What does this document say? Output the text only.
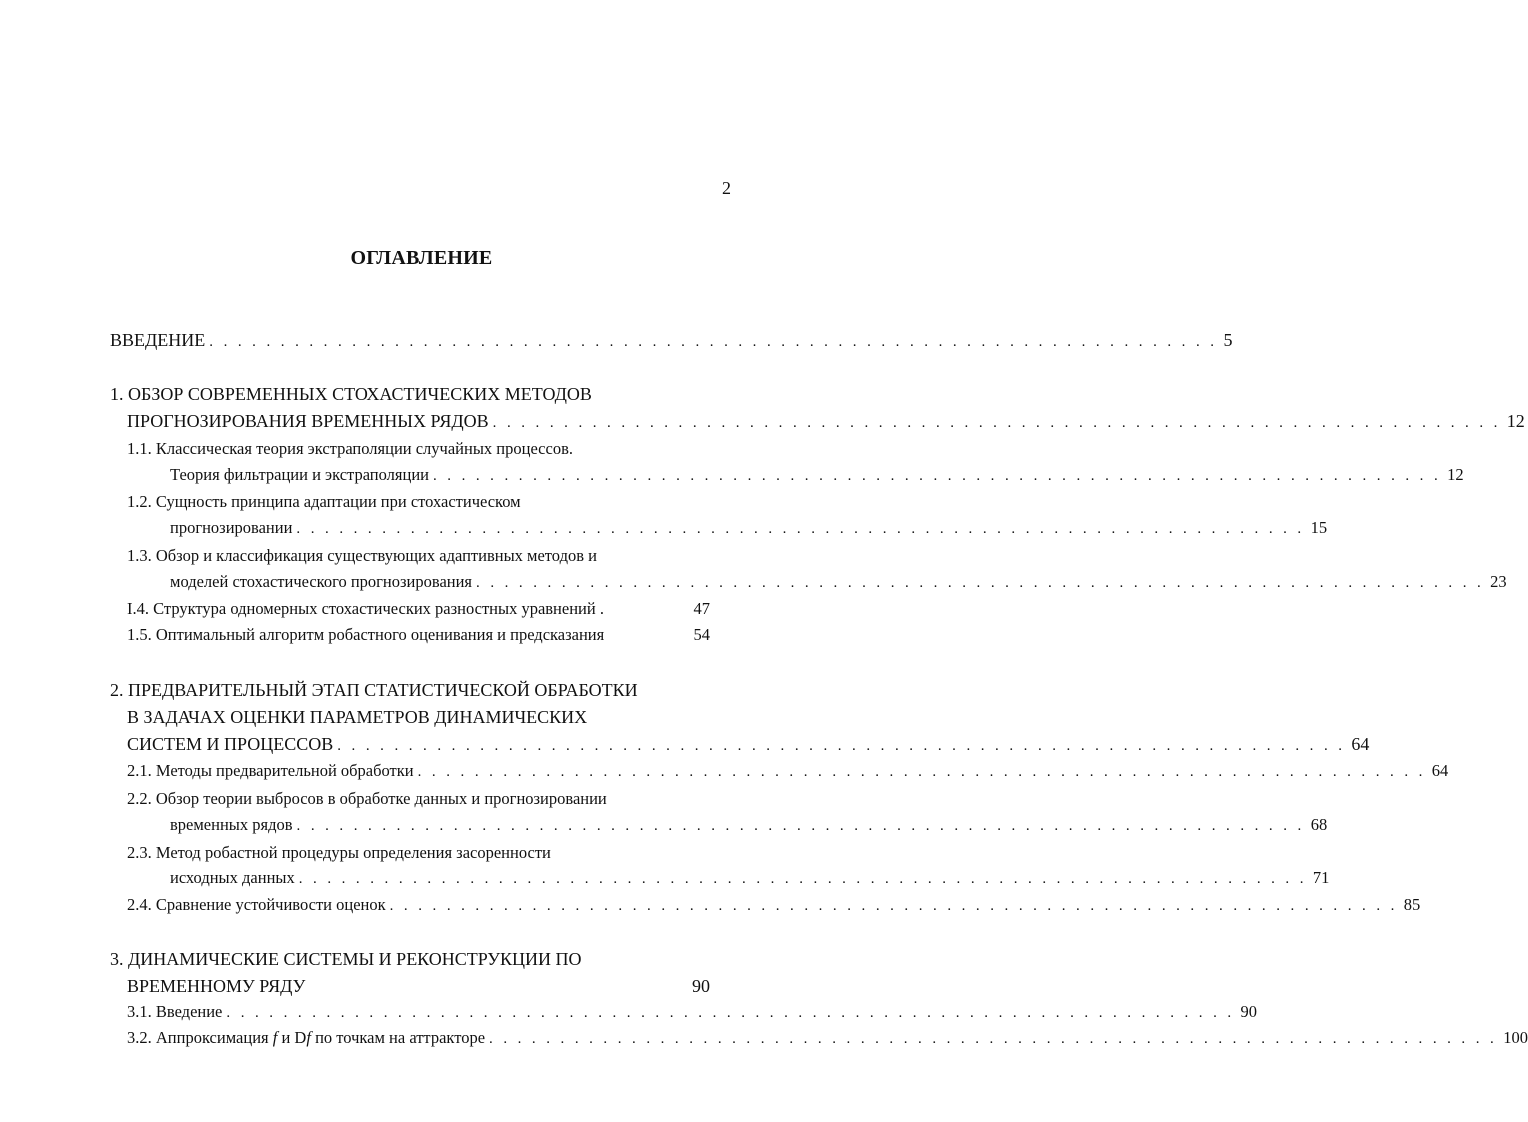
2
ОГЛАВЛЕНИЕ
ВВЕДЕНИЕ . . . . . . . . . . . . . . . . . . . . . . . . . . . . . . . . . . . . . . . . . . . . . . . . . . . . . . . . . . . . . . . . . . . . . . . 5
1. ОБЗОР СОВРЕМЕННЫХ СТОХАСТИЧЕСКИХ МЕТОДОВ
ПРОГНОЗИРОВАНИЯ ВРЕМЕННЫХ РЯДОВ . . . . . . . . . . . . . . . . . . . . . . . . . . . . . . . . . . . . . . . . . . . . . . . . . . . . . . . . . . . . . . . . . . . . . . . 12
1.1. Классическая теория экстраполяции случайных процессов.
Теория фильтрации и экстраполяции . . . . . . . . . . . . . . . . . . . . . . . . . . . . . . . . . . . . . . . . . . . . . . . . . . . . . . . . . . . . . . . . . . . . . . . 12
1.2. Сущность принципа адаптации при стохастическом
прогнозировании . . . . . . . . . . . . . . . . . . . . . . . . . . . . . . . . . . . . . . . . . . . . . . . . . . . . . . . . . . . . . . . . . . . . . . . 15
1.3. Обзор и классификация существующих адаптивных методов и
моделей стохастического прогнозирования . . . . . . . . . . . . . . . . . . . . . . . . . . . . . . . . . . . . . . . . . . . . . . . . . . . . . . . . . . . . . . . . . . . . . . . 23
I.4. Структура одномерных стохастических разностных уравнений .	47
1.5. Оптимальный алгоритм робастного оценивания и предсказания	54
2. ПРЕДВАРИТЕЛЬНЫЙ ЭТАП СТАТИСТИЧЕСКОЙ ОБРАБОТКИ
В ЗАДАЧАХ ОЦЕНКИ ПАРАМЕТРОВ ДИНАМИЧЕСКИХ
СИСТЕМ И ПРОЦЕССОВ . . . . . . . . . . . . . . . . . . . . . . . . . . . . . . . . . . . . . . . . . . . . . . . . . . . . . . . . . . . . . . . . . . . . . . . 64
2.1. Методы предварительной обработки . . . . . . . . . . . . . . . . . . . . . . . . . . . . . . . . . . . . . . . . . . . . . . . . . . . . . . . . . . . . . . . . . . . . . . . 64
2.2. Обзор теории выбросов в обработке данных и прогнозировании
временных рядов . . . . . . . . . . . . . . . . . . . . . . . . . . . . . . . . . . . . . . . . . . . . . . . . . . . . . . . . . . . . . . . . . . . . . . . 68
2.3. Метод робастной процедуры определения засоренности
исходных данных . . . . . . . . . . . . . . . . . . . . . . . . . . . . . . . . . . . . . . . . . . . . . . . . . . . . . . . . . . . . . . . . . . . . . . . 71
2.4. Сравнение устойчивости оценок . . . . . . . . . . . . . . . . . . . . . . . . . . . . . . . . . . . . . . . . . . . . . . . . . . . . . . . . . . . . . . . . . . . . . . . 85
3. ДИНАМИЧЕСКИЕ СИСТЕМЫ И РЕКОНСТРУКЦИИ ПО
ВРЕМЕННОМУ РЯДУ	90
3.1. Введение . . . . . . . . . . . . . . . . . . . . . . . . . . . . . . . . . . . . . . . . . . . . . . . . . . . . . . . . . . . . . . . . . . . . . . . 90
3.2. Аппроксимация f и Df по точкам на аттракторе . . . . . . . . . . . . . . . . . . . . . . . . . . . . . . . . . . . . . . . . . . . . . . . . . . . . . . . . . . . . . . . . . . . . . . . 100
